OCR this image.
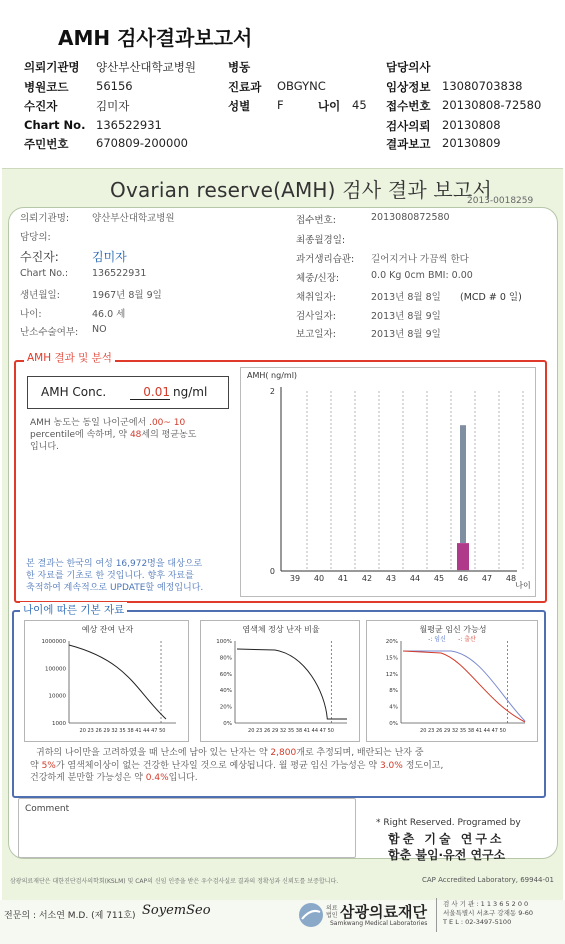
AMH 검사결과보고서
의뢰기관명 양산부산대학교병원	병동	담당의사
병원코드 56156	진료과 OBGYNC	임상정보 13080703838
수진자	김미자	성별 F	나이 45 접수번호 20130808-72580
Chart No. 136522931	검사의뢰 20130808
주민번호 670809-200000	결과보고 20130809
Ovarian reserve(AMH) 검사 결과 보고서
2013-0018259
의뢰기관명: 양산부산대학교병원
담당의:
수진자:	김미자
Chart No.:	136522931
생년월일:	1967년 8월 9일
나이:	46.0 세
난소수술여부: NO
접수번호:	2013080872580
최종월경일:
과거생리습관: 길어지거나 가끔씩 한다
체중/신장:	0.0 Kg 0cm BMI: 0.00
채취일자:	2013년 8월 8일 (MCD # 0 일)
검사일자:	2013년 8월 9일
보고일자:	2013년 8월 9일
AMH 결과 및 분석
AMH Conc.	0.01 ng/ml
AMH 농도는 동일 나이군에서 .00~ 10
percentile에 속하며, 약 48세의 평균농도
입니다.
본 결과는 한국의 여성 16,972명을 대상으로
한 자료를 기초로 한 것입니다. 향후 자료를
축적하여 계속적으로 UPDATE할 예정입니다.
AMH( ng/ml)
0
2
39 40 41 42 43 44 45 46 47 48
나이
나이에 따른 기본 자료
예상 잔여 난자
1000000
100000
10000
1000
20 23 26 29 32 35 38 41 44 47 50
염색체 정상 난자 비율
100%
80%
60%
40%
20%
0%
20 23 26 29 32 35 38 41 44 47 50
월평균 임신 가능성
20%
15%
12%
8%
4%
0%
20 23 26 29 32 35 38 41 44 47 50
-: 임신 -: 출산
귀하의 나이만을 고려하였을 때 난소에 남아 있는 난자는 약 2,800개로 추정되며, 배란되는 난자 중
약 5%가 염색체이상이 없는 건강한 난자일 것으로 예상됩니다. 월 평균 임신 가능성은 약 3.0% 정도이고,
건강하게 분만할 가능성은 약 0.4%입니다.
Comment
* Right Reserved. Programed by
함춘 기술 연구소
함춘 불임·유전 연구소
삼광의료재단은 대한진단검사의학회(KSLM) 및 CAP의 신임 인증을 받은 우수검사실로 결과의 정확성과 신뢰도를 보증합니다.	CAP Accredited Laboratory, 69944-01
전문의 : 서소연 M.D. (제 711호) SoyemSeo	의료법인 삼광의료재단
Samkwang Medical Laboratories
검 사 기 관 : 1 1 3 6 5 2 0 0
서울특별시 서초구 강재동 9-60
T E L : 02-3497-5100
